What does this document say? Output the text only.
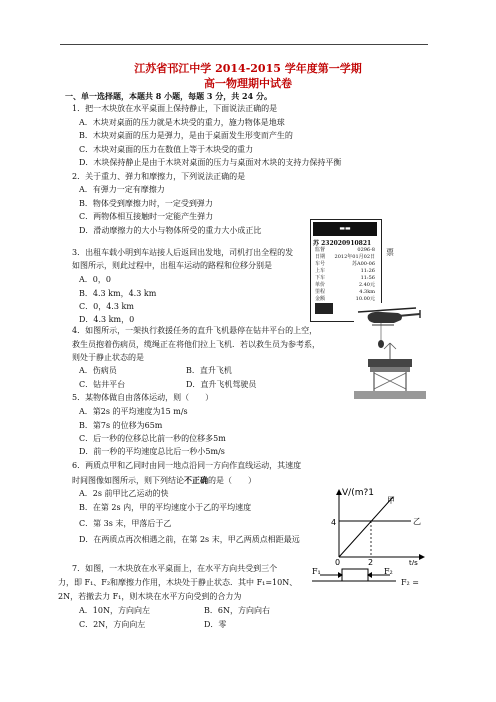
江苏省邗江中学 2014-2015 学年度第一学期
高一物理期中试卷
一、单一选择题，本题共 8 小题，每题 3 分，共 24 分。
1．把一木块放在水平桌面上保持静止，下面说法正确的是
A．木块对桌面的压力就是木块受的重力，施力物体是地球
B．木块对桌面的压力是弹力，是由于桌面发生形变而产生的
C．木块对桌面的压力在数值上等于木块受的重力
D．木块保持静止是由于木块对桌面的压力与桌面对木块的支持力保持平衡
2．关于重力、弹力和摩擦力，下列说法正确的是
A．有弹力一定有摩擦力
B．物体受到摩擦力时，一定受到弹力
C．两物体相互接触时一定能产生弹力
D．滑动摩擦力的大小与物体所受的重力大小成正比
3．出租车载小明到车站接人后返回出发地，司机打出全程的发	票
如图所示，则此过程中，出租车运动的路程和位移分别是
A．0，0
B．4.3 km，4.3 km
C．0，4.3 km
D．4.3 km，0
▬▬
苏 232020910821
监督	0296-8
日期 2012年01月02日
车号	苏A00-06
上车	11:26
下车	11:56
单价	2.40元
里程	4.3km
金额	10.00元
4．如图所示，一架执行救援任务的直升飞机悬停在钻井平台的上空，
救生员抱着伤病员，缆绳正在将他们拉上飞机．若以救生员为参考系，
则处于静止状态的是
A．伤病员	B．直升飞机
C．钻井平台	D．直升飞机驾驶员
5．某物体做自由落体运动，则（　　）
A．第2s 的平均速度为15 m/s
B．第7s 的位移为65m
C．后一秒的位移总比前一秒的位移多5m
D．前一秒的平均速度总比后一秒小5m/s
6．两质点甲和乙同时由同一地点沿同一方向作直线运动，其速度
时间图像如图所示，则下列结论不正确的是（　　）
A．2s 前甲比乙运动的快
B．在第 2s 内，甲的平均速度小于乙的平均速度
C．第 3s 末，甲落后于乙
D．在两质点再次相遇之前，在第 2s 末，甲乙两质点相距最远
V/(m?1
4
0	2	t/s
甲
乙
7．如图，一木块放在水平桌面上，在水平方向共受到三个
力，即 F₁、F₂和摩擦力作用，木块处于静止状态．其中 F₁=10N、	F₂ =
2N，若撤去力 F₁，则木块在水平方向受到的合力为
A．10N，方向向左	B．6N，方向向右
C．2N，方向向左	D．零
F₁	F₂
